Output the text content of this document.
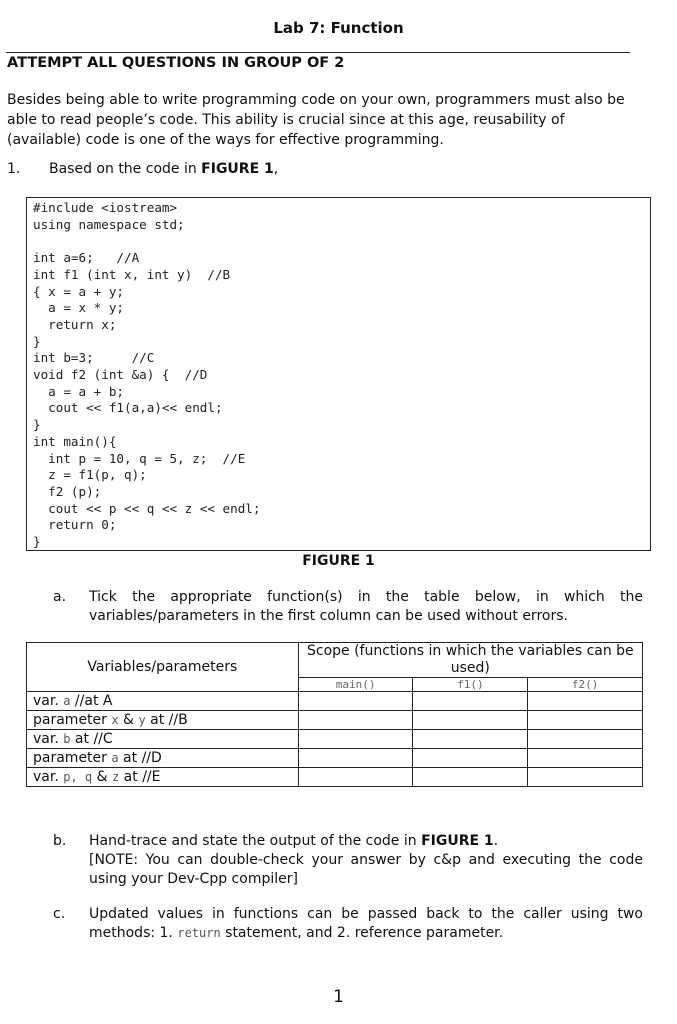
Lab 7: Function
ATTEMPT ALL QUESTIONS IN GROUP OF 2
Besides being able to write programming code on your own, programmers must also be able to read people’s code. This ability is crucial since at this age, reusability of (available) code is one of the ways for effective programming.
1. Based on the code in FIGURE 1,
#include <iostream>
using namespace std;

int a=6;   //A
int f1 (int x, int y)  //B
{ x = a + y;
a = x * y;
return x;
}
int b=3;     //C
void f2 (int &a) {  //D
a = a + b;
cout << f1(a,a)<< endl;
}
int main(){
int p = 10, q = 5, z;  //E
z = f1(p, q);
f2 (p);
cout << p << q << z << endl;
return 0;
}
FIGURE 1
a.	Tick the appropriate function(s) in the table below, in which the variables/parameters in the first column can be used without errors.
Variables/parameters	Scope (functions in which the variables can be used)		
	main()	f1()	f2()
var. a //at A			
parameter x & y at //B			
var. b at //C			
parameter a at //D			
var. p, q & z at //E			
b.	Hand-trace and state the output of the code in FIGURE 1.
[NOTE: You can double-check your answer by c&p and executing the code using your Dev-Cpp compiler]
c.	Updated values in functions can be passed back to the caller using two methods: 1. return statement, and 2. reference parameter.
1
